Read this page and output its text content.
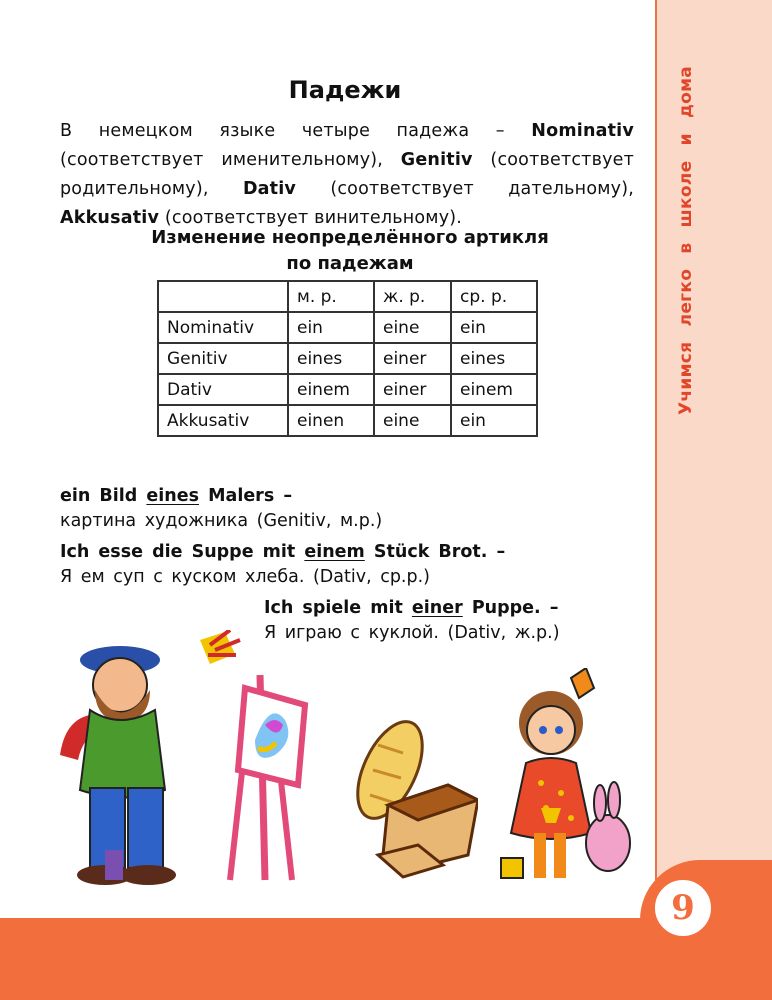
Учимся легко в школе и дома
9
Падежи
В немецком языке четыре падежа – Nominativ (соответствует именительному), Genitiv (соответствует родительному), Dativ (соответствует дательному), Akkusativ (соответствует винительному).
Изменение неопределённого артикля
по падежам
	м. р.	ж. р.	ср. р.
Nominativ	ein	eine	ein
Genitiv	eines	einer	eines
Dativ	einem	einer	einem
Akkusativ	einen	eine	ein
ein Bild eines Malers –
картина художника (Genitiv, м.р.)
Ich esse die Suppe mit einem Stück Brot. –
Я ем суп с куском хлеба. (Dativ, ср.р.)
Ich spiele mit einer Puppe. –
Я играю с куклой. (Dativ, ж.р.)
